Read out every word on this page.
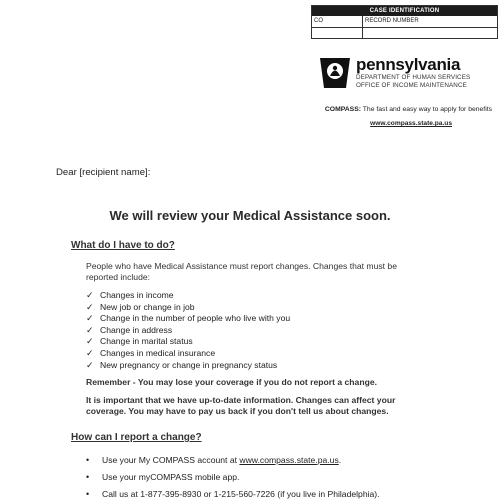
CASE IDENTIFICATION
CO	RECORD NUMBER
pennsylvania
DEPARTMENT OF HUMAN SERVICES
OFFICE OF INCOME MAINTENANCE
COMPASS: The fast and easy way to apply for benefits
www.compass.state.pa.us
Dear [recipient name]:
We will review your Medical Assistance soon.
What do I have to do?
People who have Medical Assistance must report changes. Changes that must be
reported include:
✓ Changes in income
✓ New job or change in job
✓ Change in the number of people who live with you
✓ Change in address
✓ Change in marital status
✓ Changes in medical insurance
✓ New pregnancy or change in pregnancy status
Remember - You may lose your coverage if you do not report a change.
It is important that we have up-to-date information. Changes can affect your
coverage. You may have to pay us back if you don't tell us about changes.
How can I report a change?
•	Use your My COMPASS account at www.compass.state.pa.us.
•	Use your myCOMPASS mobile app.
•	Call us at 1-877-395-8930 or 1-215-560-7226 (if you live in Philadelphia).
